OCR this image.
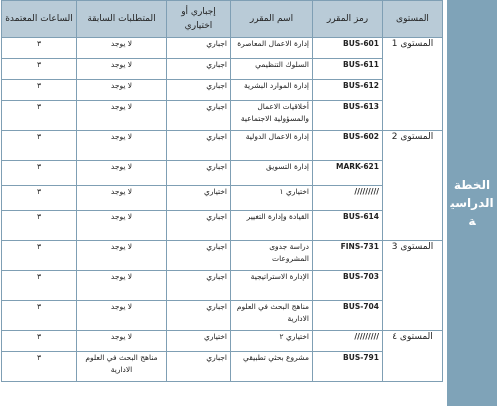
الخطة الدراسية
المستوى	رمز المقرر	اسم المقرر	إجباري أو اختياري	المتطلبات السابقة	الساعات المعتمدة
المستوى 1	BUS-601	إدارة الاعمال المعاصرة	اجباري	لا يوجد	٣
	BUS-611	السلوك التنظيمي	اجباري	لا يوجد	٣
	BUS-612	إدارة الموارد البشرية	اجباري	لا يوجد	٣
	BUS-613	أخلاقيات الاعمال والمسؤولية الاجتماعية	اجباري	لا يوجد	٣
المستوى 2	BUS-602	إدارة الاعمال الدولية	اجباري	لا يوجد	٣
	MARK-621	إدارة التسويق	اجباري	لا يوجد	٣
	/////////	اختياري ١	اختياري	لا يوجد	٣
	BUS-614	القيادة وإدارة التغيير	اجباري	لا يوجد	٣
المستوى 3	FINS-731	دراسة جدوى المشروعات	اجباري	لا يوجد	٣
	BUS-703	الإدارة الاستراتيجية	اجباري	لا يوجد	٣
	BUS-704	مناهج البحث في العلوم الادارية	اجباري	لا يوجد	٣
المستوى ٤	/////////	اختياري ٢	اختياري	لا يوجد	٣
	BUS-791	مشروع بحثي تطبيقي	اجباري	مناهج البحث في العلوم الادارية	٣
